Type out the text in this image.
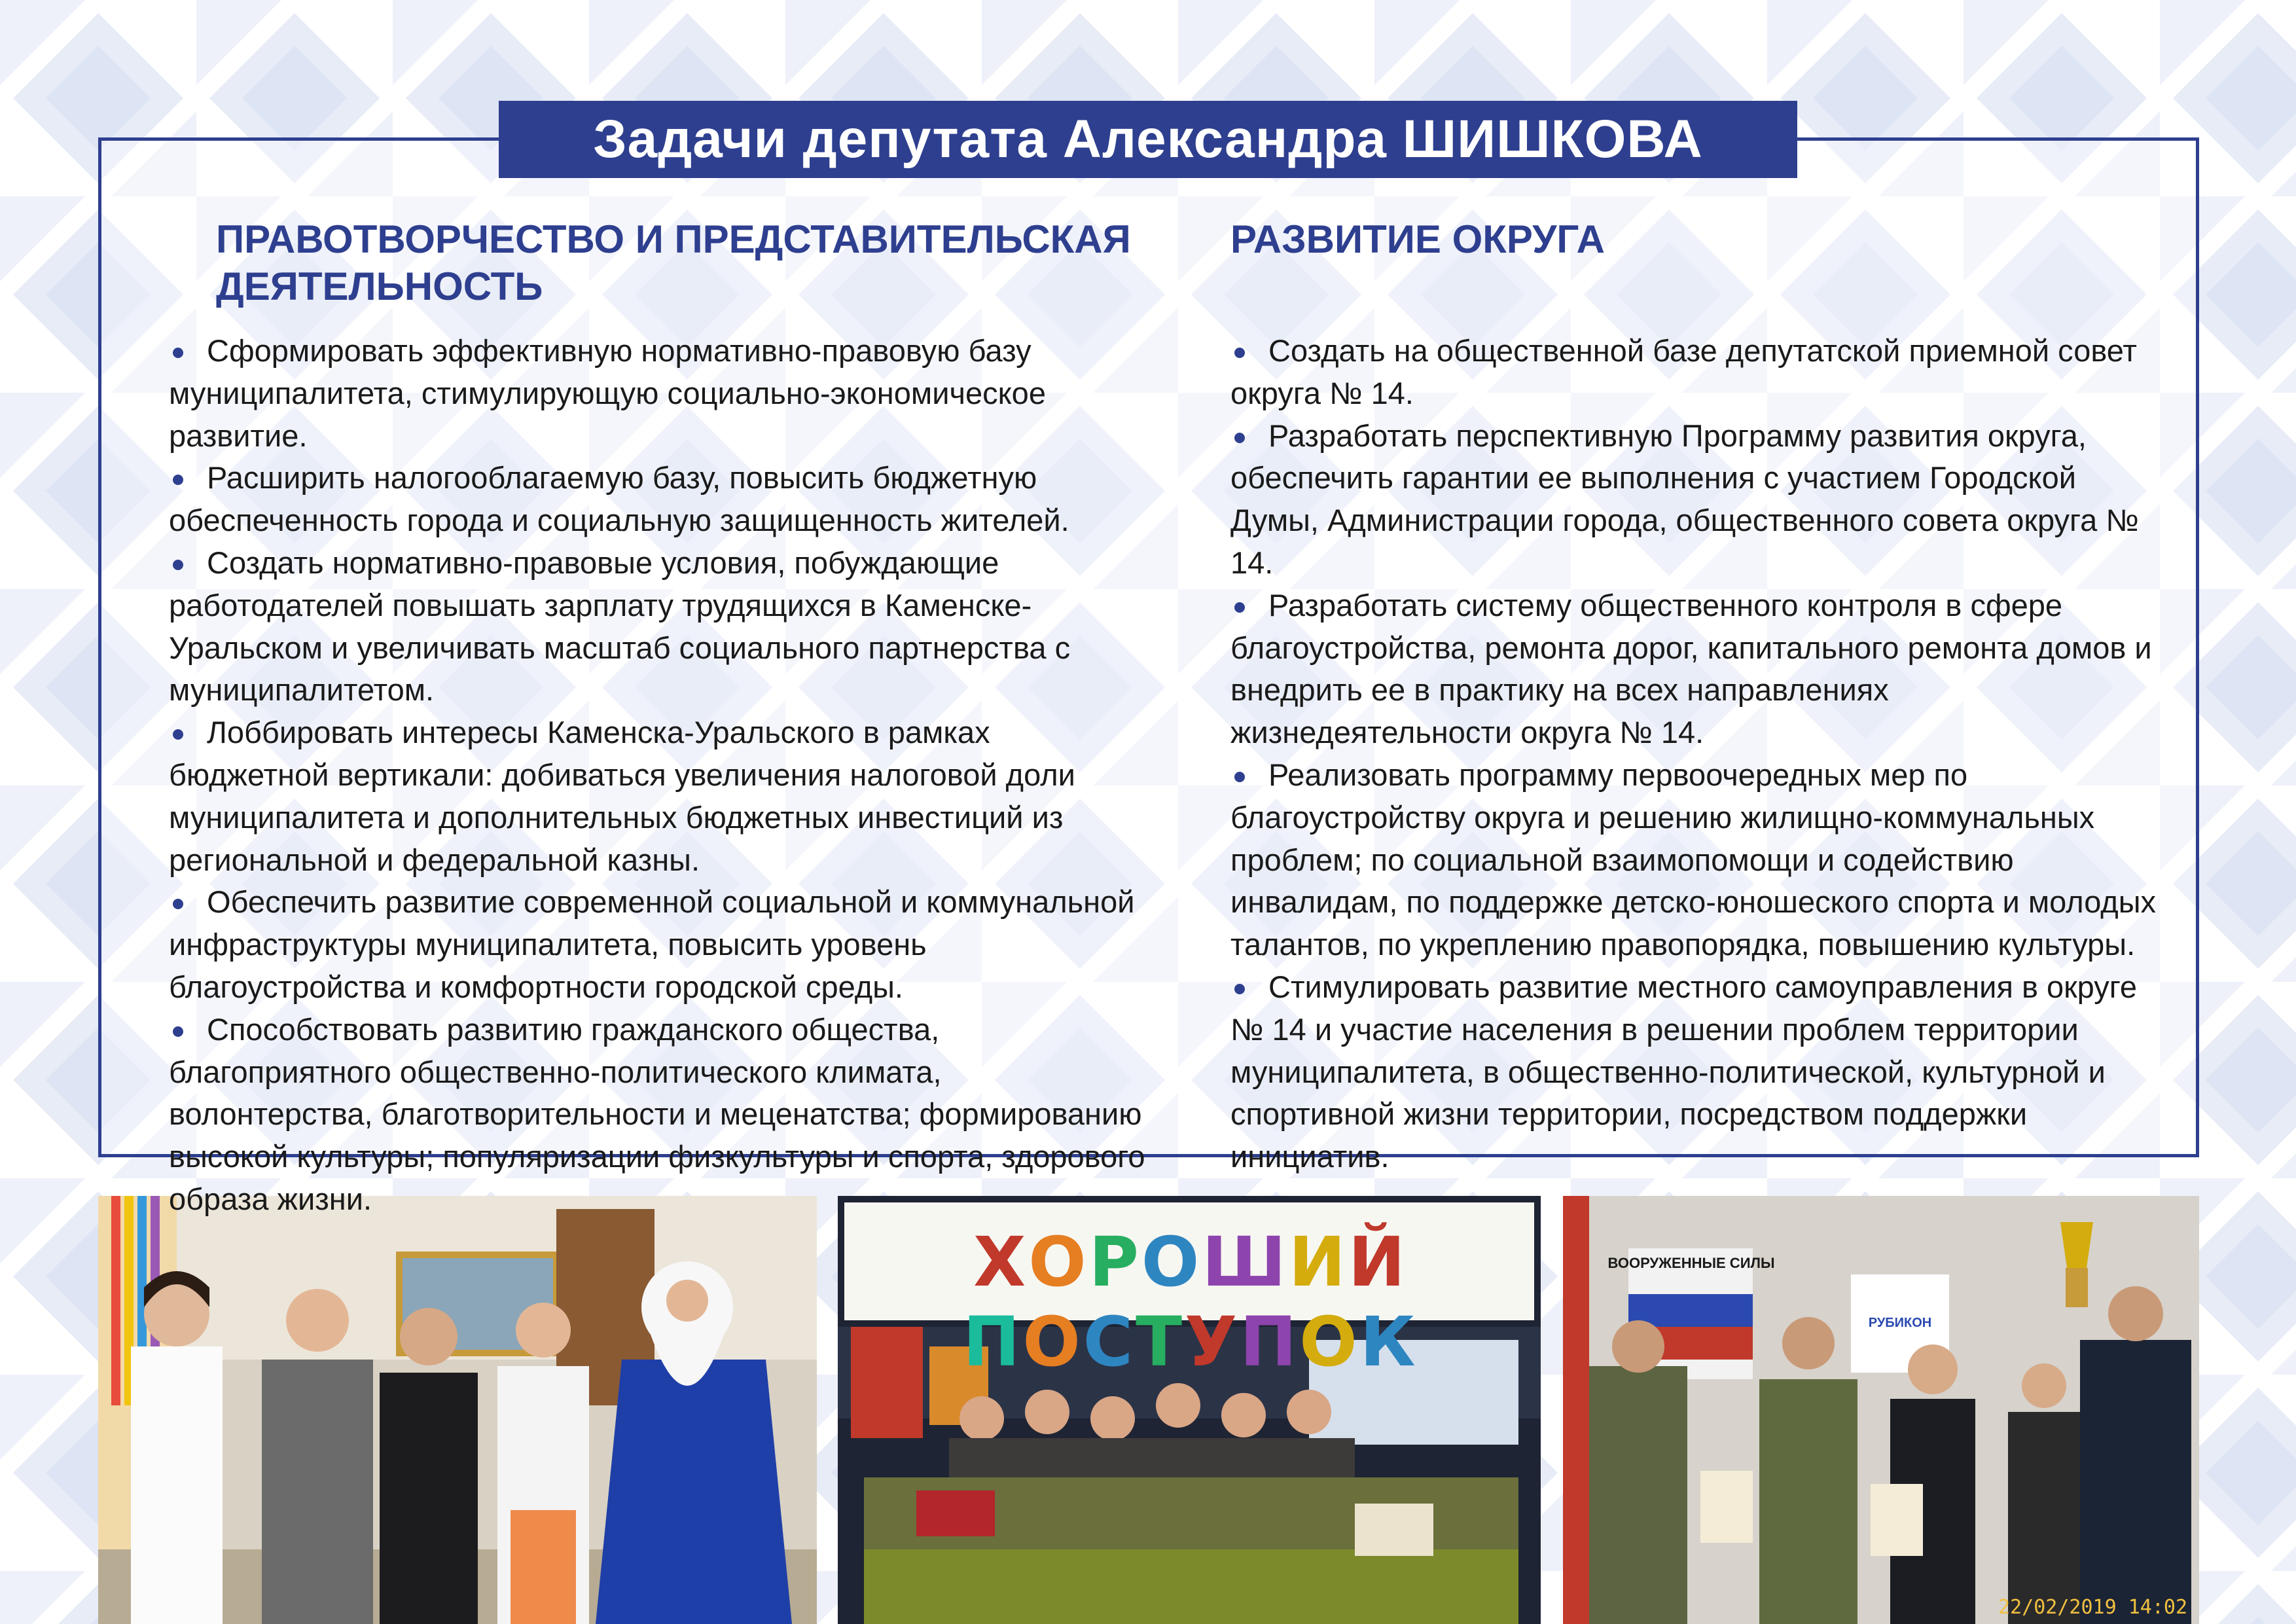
Задачи депутата Александра ШИШКОВА
ПРАВОТВОРЧЕСТВО И ПРЕДСТАВИТЕЛЬСКАЯ
ДЕЯТЕЛЬНОСТЬ
Сформировать эффективную нормативно-правовую базу муниципалитета, стимулирующую социально-экономическое развитие.
Расширить налогооблагаемую базу, повысить бюджетную обеспеченность города и социальную защищенность жителей.
Создать нормативно-правовые условия, побуждающие работодателей повышать зарплату трудящихся в Каменске-Уральском и увеличивать масштаб социального партнерства с муниципалитетом.
Лоббировать интересы Каменска-Уральского в рамках бюджетной вертикали: добиваться увеличения налоговой доли муниципалитета и дополнительных бюджетных инвестиций из региональной и федеральной казны.
Обеспечить развитие современной социальной и коммунальной инфраструктуры муниципалитета, повысить уровень благоустройства и комфортности городской среды.
Способствовать развитию гражданского общества, благоприятного общественно-политического климата, волонтерства, благотворительности и меценатства; формированию высокой культуры; популяризации физкультуры и спорта, здорового образа жизни.
РАЗВИТИЕ ОКРУГА
Создать на общественной базе депутатской приемной совет округа № 14.
Разработать перспективную Программу развития округа, обеспечить гарантии ее выполнения с участием Городской Думы, Администрации города, общественного совета округа № 14.
Разработать систему общественного контроля в сфере благоустройства, ремонта дорог, капитального ремонта домов и внедрить ее в практику на всех направлениях жизнедеятельности округа № 14.
Реализовать программу первоочередных мер по благоустройству округа и решению жилищно-коммунальных проблем; по социальной взаимопомощи и содействию инвалидам, по поддержке детско-юношеского спорта и молодых талантов, по укреплению правопорядка, повышению культуры.
Стимулировать развитие местного самоуправления в округе № 14 и участие населения в решении проблем территории муниципалитета, в общественно-политической, культурной и спортивной жизни территории, посредством поддержки инициатив.
ХОРОШИЙ ПОСТУПОК
ВООРУЖЕННЫЕ СИЛЫ
РУБИКОН
22/02/2019 14:02
